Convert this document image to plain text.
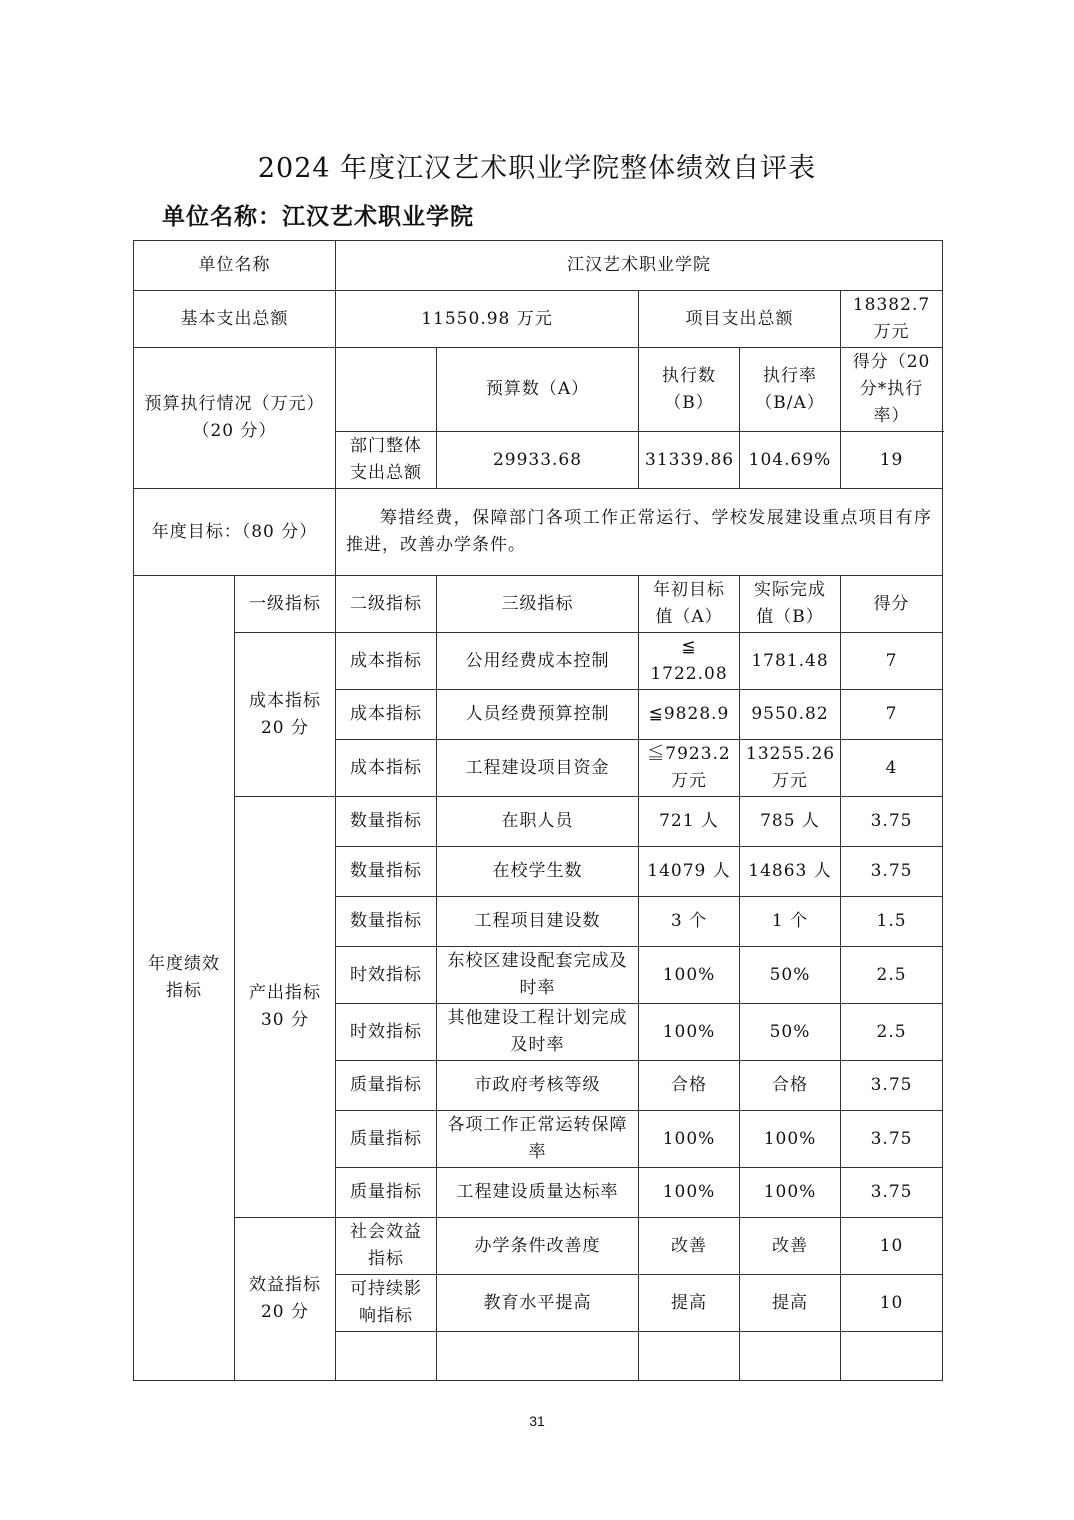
2024 年度江汉艺术职业学院整体绩效自评表
单位名称：江汉艺术职业学院
单位名称		江汉艺术职业学院				
基本支出总额		11550.98 万元		项目支出总额		18382.7 万元
预算执行情况（万元）（20 分）			预算数（A）	执行数（B）	执行率（B/A）	得分（20 分*执行率）
		部门整体支出总额	29933.68	31339.86	104.69%	19
年度目标：（80 分）		筹措经费，保障部门各项工作正常运行、学校发展建设重点项目有序推进，改善办学条件。				
年度绩效指标	一级指标	二级指标	三级指标	年初目标值（A）	实际完成值（B）	得分
	成本指标 20 分	成本指标	公用经费成本控制	≦ 1722.08	1781.48	7
		成本指标	人员经费预算控制	≦9828.9	9550.82	7
		成本指标	工程建设项目资金	≦7923.2 万元	13255.26 万元	4
	产出指标 30 分	数量指标	在职人员	721 人	785 人	3.75
		数量指标	在校学生数	14079 人	14863 人	3.75
		数量指标	工程项目建设数	3 个	1 个	1.5
		时效指标	东校区建设配套完成及时率	100%	50%	2.5
		时效指标	其他建设工程计划完成及时率	100%	50%	2.5
		质量指标	市政府考核等级	合格	合格	3.75
		质量指标	各项工作正常运转保障率	100%	100%	3.75
		质量指标	工程建设质量达标率	100%	100%	3.75
	效益指标 20 分	社会效益指标	办学条件改善度	改善	改善	10
		可持续影响指标	教育水平提高	提高	提高	10

31
